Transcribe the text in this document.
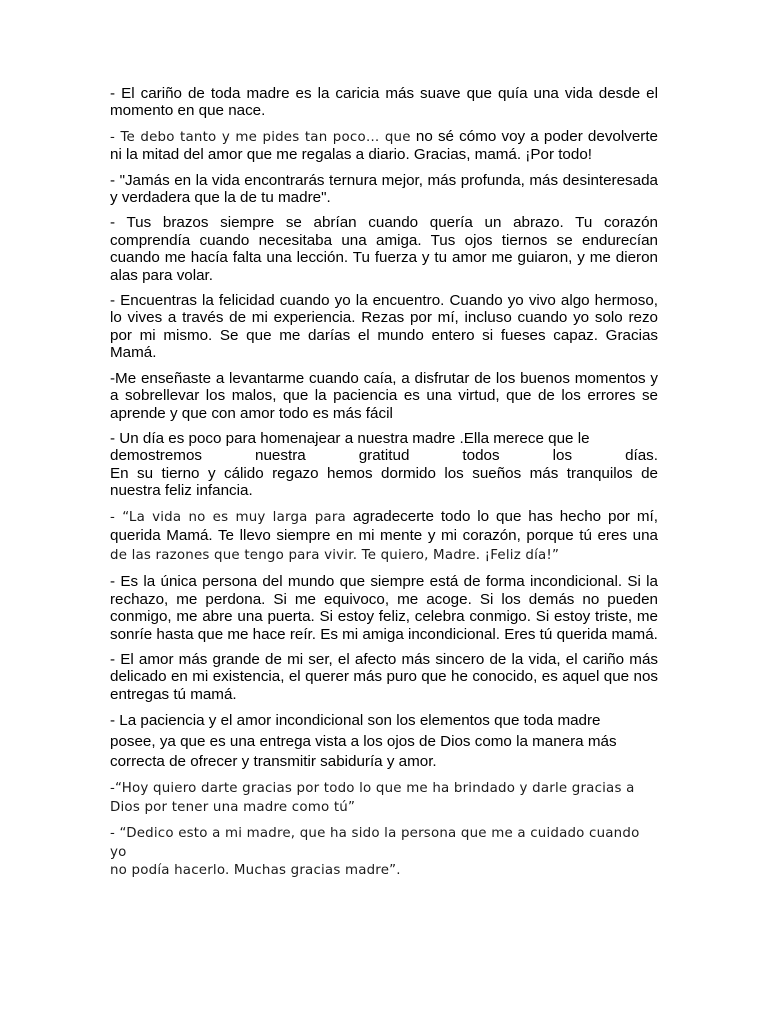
- El cariño de toda madre es la caricia más suave que quía una vida desde el momento en que nace.

- Te debo tanto y me pides tan poco… que no sé cómo voy a poder devolverte ni la mitad del amor que me regalas a diario. Gracias, mamá. ¡Por todo!

- "Jamás en la vida encontrarás ternura mejor, más profunda, más desinteresada y verdadera que la de tu madre".

- Tus brazos siempre se abrían cuando quería un abrazo. Tu corazón comprendía cuando necesitaba una amiga. Tus ojos tiernos se endurecían cuando me hacía falta una lección. Tu fuerza y tu amor me guiaron, y me dieron alas para volar.

- Encuentras la felicidad cuando yo la encuentro. Cuando yo vivo algo hermoso, lo vives a través de mi experiencia. Rezas por mí, incluso cuando yo solo rezo por mi mismo. Se que me darías el mundo entero si fueses capaz. Gracias Mamá.

-Me enseñaste a levantarme cuando caía, a disfrutar de los buenos momentos y a sobrellevar los malos, que la paciencia es una virtud, que de los errores se aprende y que con amor todo es más fácil

- Un día es poco para homenajear a nuestra madre .Ella merece que le
demostremos nuestra gratitud todos los días.
En su tierno y cálido regazo hemos dormido los sueños más tranquilos de nuestra feliz infancia.

- “La vida no es muy larga para agradecerte todo lo que has hecho por mí, querida Mamá. Te llevo siempre en mi mente y mi corazón, porque tú eres una de las razones que tengo para vivir. Te quiero, Madre. ¡Feliz día!”

- Es la única persona del mundo que siempre está de forma incondicional. Si la rechazo, me perdona. Si me equivoco, me acoge. Si los demás no pueden conmigo, me abre una puerta. Si estoy feliz, celebra conmigo. Si estoy triste, me sonríe hasta que me hace reír. Es mi amiga incondicional. Eres tú querida mamá.

- El amor más grande de mi ser, el afecto más sincero de la vida, el cariño más delicado en mi existencia, el querer más puro que he conocido, es aquel que nos entregas tú mamá.

- La paciencia y el amor incondicional son los elementos que toda madre
posee, ya que es una entrega vista a los ojos de Dios como la manera más
correcta de ofrecer y transmitir sabiduría y amor.

-“Hoy quiero darte gracias por todo lo que me ha brindado y darle gracias a
Dios por tener una madre como tú”

- “Dedico esto a mi madre, que ha sido la persona que me a cuidado cuando yo
no podía hacerlo. Muchas gracias madre”.
